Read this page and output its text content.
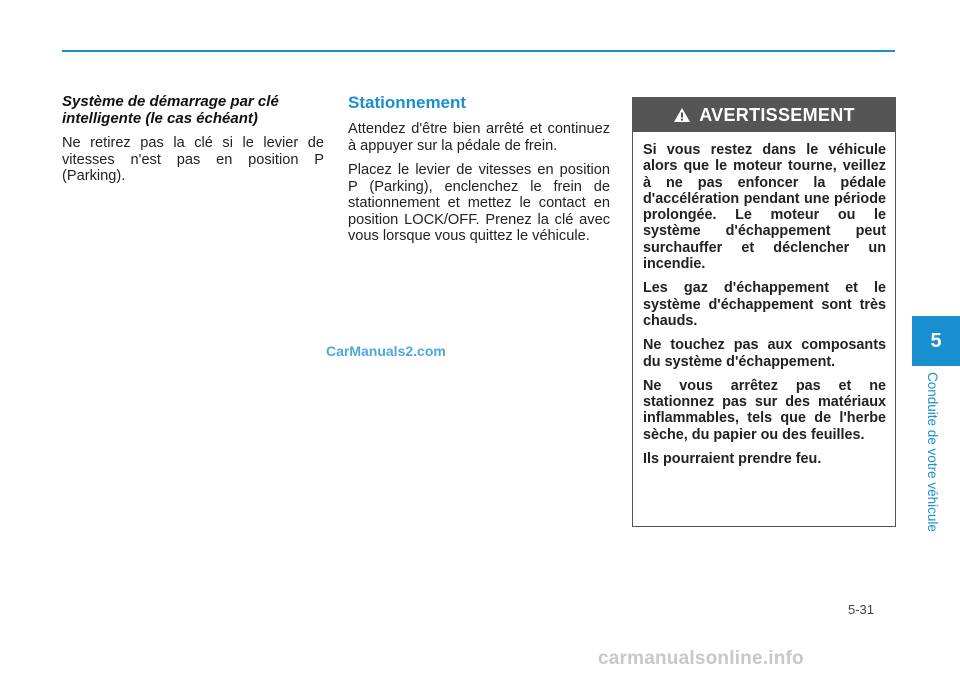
Système de démarrage par clé intelligente (le cas échéant)

Ne retirez pas la clé si le levier de vitesses n'est pas en position P (Parking).

Stationnement

Attendez d'être bien arrêté et continuez à appuyer sur la pédale de frein.

Placez le levier de vitesses en position P (Parking), enclenchez le frein de stationnement et mettez le contact en position LOCK/OFF. Prenez la clé avec vous lorsque vous quittez le véhicule.

AVERTISSEMENT

Si vous restez dans le véhicule alors que le moteur tourne, veillez à ne pas enfoncer la pédale d'accélération pendant une période prolongée. Le moteur ou le système d'échappement peut surchauffer et déclencher un incendie.

Les gaz d'échappement et le système d'échappement sont très chauds.

Ne touchez pas aux composants du système d'échappement.

Ne vous arrêtez pas et ne stationnez pas sur des matériaux inflammables, tels que de l'herbe sèche, du papier ou des feuilles.

Ils pourraient prendre feu.

5
Conduite de votre véhicule
CarManuals2.com
5-31
carmanualsonline.info
